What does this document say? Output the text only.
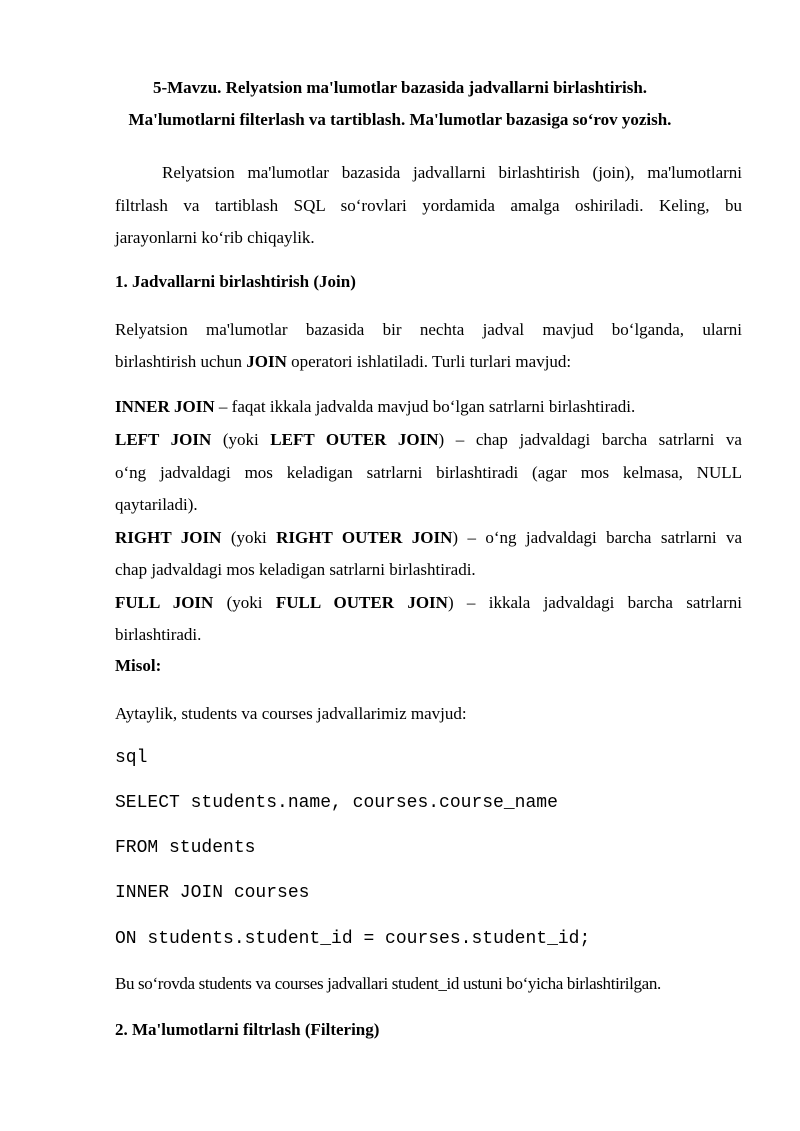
5-Mavzu. Relyatsion ma'lumotlar bazasida jadvallarni birlashtirish.
Ma'lumotlarni filterlash va tartiblash. Ma'lumotlar bazasiga so‘rov yozish.
Relyatsion ma'lumotlar bazasida jadvallarni birlashtirish (join), ma'lumotlarni
filtrlash va tartiblash SQL so‘rovlari yordamida amalga oshiriladi. Keling, bu
jarayonlarni ko‘rib chiqaylik.
1. Jadvallarni birlashtirish (Join)
Relyatsion ma'lumotlar bazasida bir nechta jadval mavjud bo‘lganda, ularni
birlashtirish uchun JOIN operatori ishlatiladi. Turli turlari mavjud:
INNER JOIN – faqat ikkala jadvalda mavjud bo‘lgan satrlarni birlashtiradi.
LEFT JOIN (yoki LEFT OUTER JOIN) – chap jadvaldagi barcha satrlarni va
o‘ng jadvaldagi mos keladigan satrlarni birlashtiradi (agar mos kelmasa, NULL
qaytariladi).
RIGHT JOIN (yoki RIGHT OUTER JOIN) – o‘ng jadvaldagi barcha satrlarni va
chap jadvaldagi mos keladigan satrlarni birlashtiradi.
FULL JOIN (yoki FULL OUTER JOIN) – ikkala jadvaldagi barcha satrlarni
birlashtiradi.
Misol:
Aytaylik, students va courses jadvallarimiz mavjud:
sql
SELECT students.name, courses.course_name
FROM students
INNER JOIN courses
ON students.student_id = courses.student_id;
Bu so‘rovda students va courses jadvallari student_id ustuni bo‘yicha birlashtirilgan.
2. Ma'lumotlarni filtrlash (Filtering)
